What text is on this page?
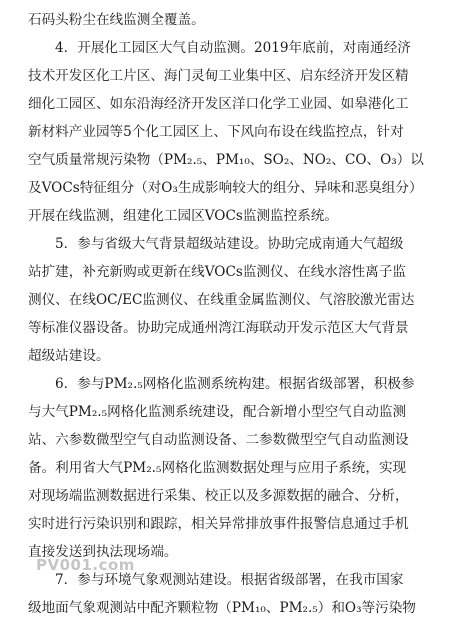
石码头粉尘在线监测全覆盖。
4．开展化工园区大气自动监测。2019年底前，对南通经济
技术开发区化工片区、海门灵甸工业集中区、启东经济开发区精
细化工园区、如东沿海经济开发区洋口化学工业园、如皋港化工
新材料产业园等5个化工园区上、下风向布设在线监控点，针对
空气质量常规污染物（PM₂.₅、PM₁₀、SO₂、NO₂、CO、O₃）以
及VOCs特征组分（对O₃生成影响较大的组分、异味和恶臭组分）
开展在线监测，组建化工园区VOCs监测监控系统。
5．参与省级大气背景超级站建设。协助完成南通大气超级
站扩建，补充新购或更新在线VOCs监测仪、在线水溶性离子监
测仪、在线OC/EC监测仪、在线重金属监测仪、气溶胶激光雷达
等标准仪器设备。协助完成通州湾江海联动开发示范区大气背景
超级站建设。
6．参与PM₂.₅网格化监测系统构建。根据省级部署，积极参
与大气PM₂.₅网格化监测系统建设，配合新增小型空气自动监测
站、六参数微型空气自动监测设备、二参数微型空气自动监测设
备。利用省大气PM₂.₅网格化监测数据处理与应用子系统，实现
对现场端监测数据进行采集、校正以及多源数据的融合、分析，
实时进行污染识别和跟踪，相关异常排放事件报警信息通过手机
直接发送到执法现场端。
7．参与环境气象观测站建设。根据省级部署，在我市国家
级地面气象观测站中配齐颗粒物（PM₁₀、PM₂.₅）和O₃等污染物
PV001.com
